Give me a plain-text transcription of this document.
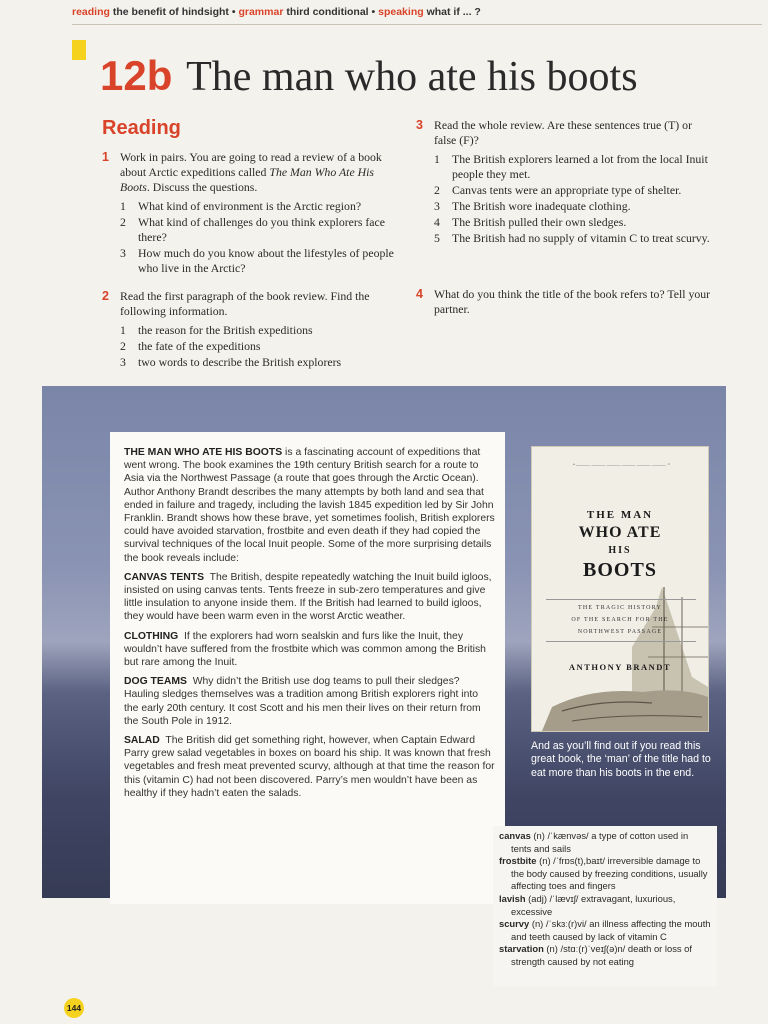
reading the benefit of hindsight • grammar third conditional • speaking what if ... ?
12b The man who ate his boots
Reading
1 Work in pairs. You are going to read a review of a book about Arctic expeditions called The Man Who Ate His Boots. Discuss the questions.
1 What kind of environment is the Arctic region?
2 What kind of challenges do you think explorers face there?
3 How much do you know about the lifestyles of people who live in the Arctic?
2 Read the first paragraph of the book review. Find the following information.
1 the reason for the British expeditions
2 the fate of the expeditions
3 two words to describe the British explorers
3 Read the whole review. Are these sentences true (T) or false (F)?
1 The British explorers learned a lot from the local Inuit people they met.
2 Canvas tents were an appropriate type of shelter.
3 The British wore inadequate clothing.
4 The British pulled their own sledges.
5 The British had no supply of vitamin C to treat scurvy.
4 What do you think the title of the book refers to? Tell your partner.

THE MAN WHO ATE HIS BOOTS is a fascinating account of expeditions that went wrong. The book examines the 19th century British search for a route to Asia via the Northwest Passage (a route that goes through the Arctic Ocean). Author Anthony Brandt describes the many attempts by both land and sea that ended in failure and tragedy, including the lavish 1845 expedition led by Sir John Franklin. Brandt shows how these brave, yet sometimes foolish, British explorers could have avoided starvation, frostbite and even death if they had copied the survival techniques of the local Inuit people. Some of the more surprising details the book reveals include:

CANVAS TENTS The British, despite repeatedly watching the Inuit build igloos, insisted on using canvas tents. Tents freeze in sub-zero temperatures and give little insulation to anyone inside them. If the British had learned to build igloos, they would have been warm even in the worst Arctic weather.

CLOTHING If the explorers had worn sealskin and furs like the Inuit, they wouldn’t have suffered from the frostbite which was common among the British but rare among the Inuit.

DOG TEAMS Why didn’t the British use dog teams to pull their sledges? Hauling sledges themselves was a tradition among British explorers right into the early 20th century. It cost Scott and his men their lives on their return from the South Pole in 1912.

SALAD The British did get something right, however, when Captain Edward Parry grew salad vegetables in boxes on board his ship. It was known that fresh vegetables and fresh meat prevented scurvy, although at that time the reason for this (vitamin C) had not been discovered. Parry’s men wouldn’t have been as healthy if they hadn’t eaten the salads.

“ ——— ——— ——— ——— ——— ——— ”
THE MAN
WHO ATE
HIS
BOOTS
THE TRAGIC HISTORY
OF THE SEARCH FOR THE
NORTHWEST PASSAGE
ANTHONY BRANDT
And as you’ll find out if you read this great book, the ‘man’ of the title had to eat more than his boots in the end.
canvas (n) /ˈkænvəs/ a type of cotton used in tents and sails
frostbite (n) /ˈfrɒs(t),baɪt/ irreversible damage to the body caused by freezing conditions, usually affecting toes and fingers
lavish (adj) /ˈlævɪʃ/ extravagant, luxurious, excessive
scurvy (n) /ˈskɜː(r)vi/ an illness affecting the mouth and teeth caused by lack of vitamin C
starvation (n) /stɑː(r)ˈveɪʃ(ə)n/ death or loss of strength caused by not eating
144
